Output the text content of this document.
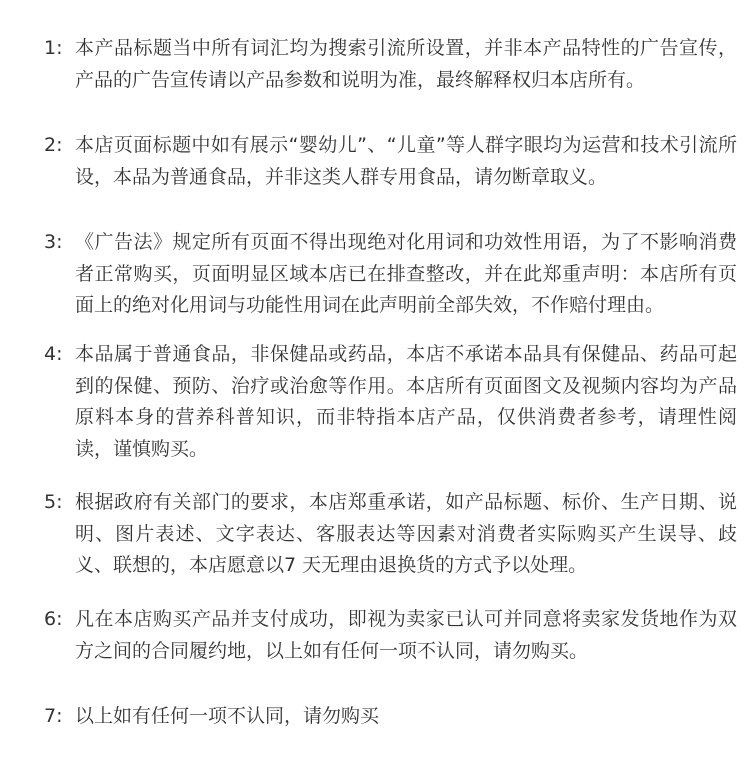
1: 本产品标题当中所有词汇均为搜索引流所设置，并非本产品特性的广告宣传，产品的广告宣传请以产品参数和说明为准，最终解释权归本店所有。
2: 本店页面标题中如有展示“婴幼儿”、“儿童”等人群字眼均为运营和技术引流所设，本品为普通食品，并非这类人群专用食品，请勿断章取义。
3: 《广告法》规定所有页面不得出现绝对化用词和功效性用语，为了不影响消费者正常购买，页面明显区域本店已在排查整改，并在此郑重声明：本店所有页面上的绝对化用词与功能性用词在此声明前全部失效，不作赔付理由。
4: 本品属于普通食品，非保健品或药品，本店不承诺本品具有保健品、药品可起到的保健、预防、治疗或治愈等作用。本店所有页面图文及视频内容均为产品原料本身的营养科普知识，而非特指本店产品，仅供消费者参考，请理性阅读，谨慎购买。
5: 根据政府有关部门的要求，本店郑重承诺，如产品标题、标价、生产日期、说明、图片表述、文字表达、客服表达等因素对消费者实际购买产生误导、歧义、联想的，本店愿意以7 天无理由退换货的方式予以处理。
6: 凡在本店购买产品并支付成功，即视为卖家已认可并同意将卖家发货地作为双方之间的合同履约地，以上如有任何一项不认同，请勿购买。
7: 以上如有任何一项不认同，请勿购买
